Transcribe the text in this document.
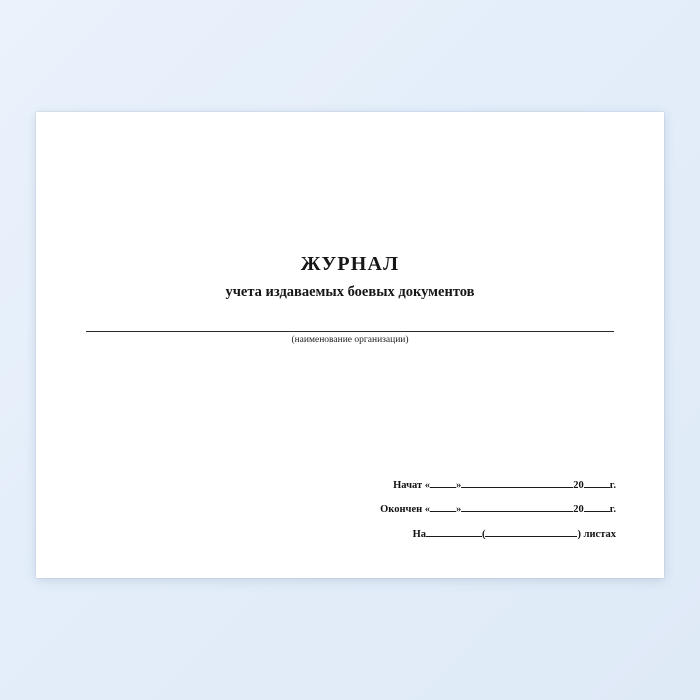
ЖУРНАЛ
учета издаваемых боевых документов
(наименование организации)
Начат « »	20 г.
Окончен « »	20 г.
На	(	) листах
